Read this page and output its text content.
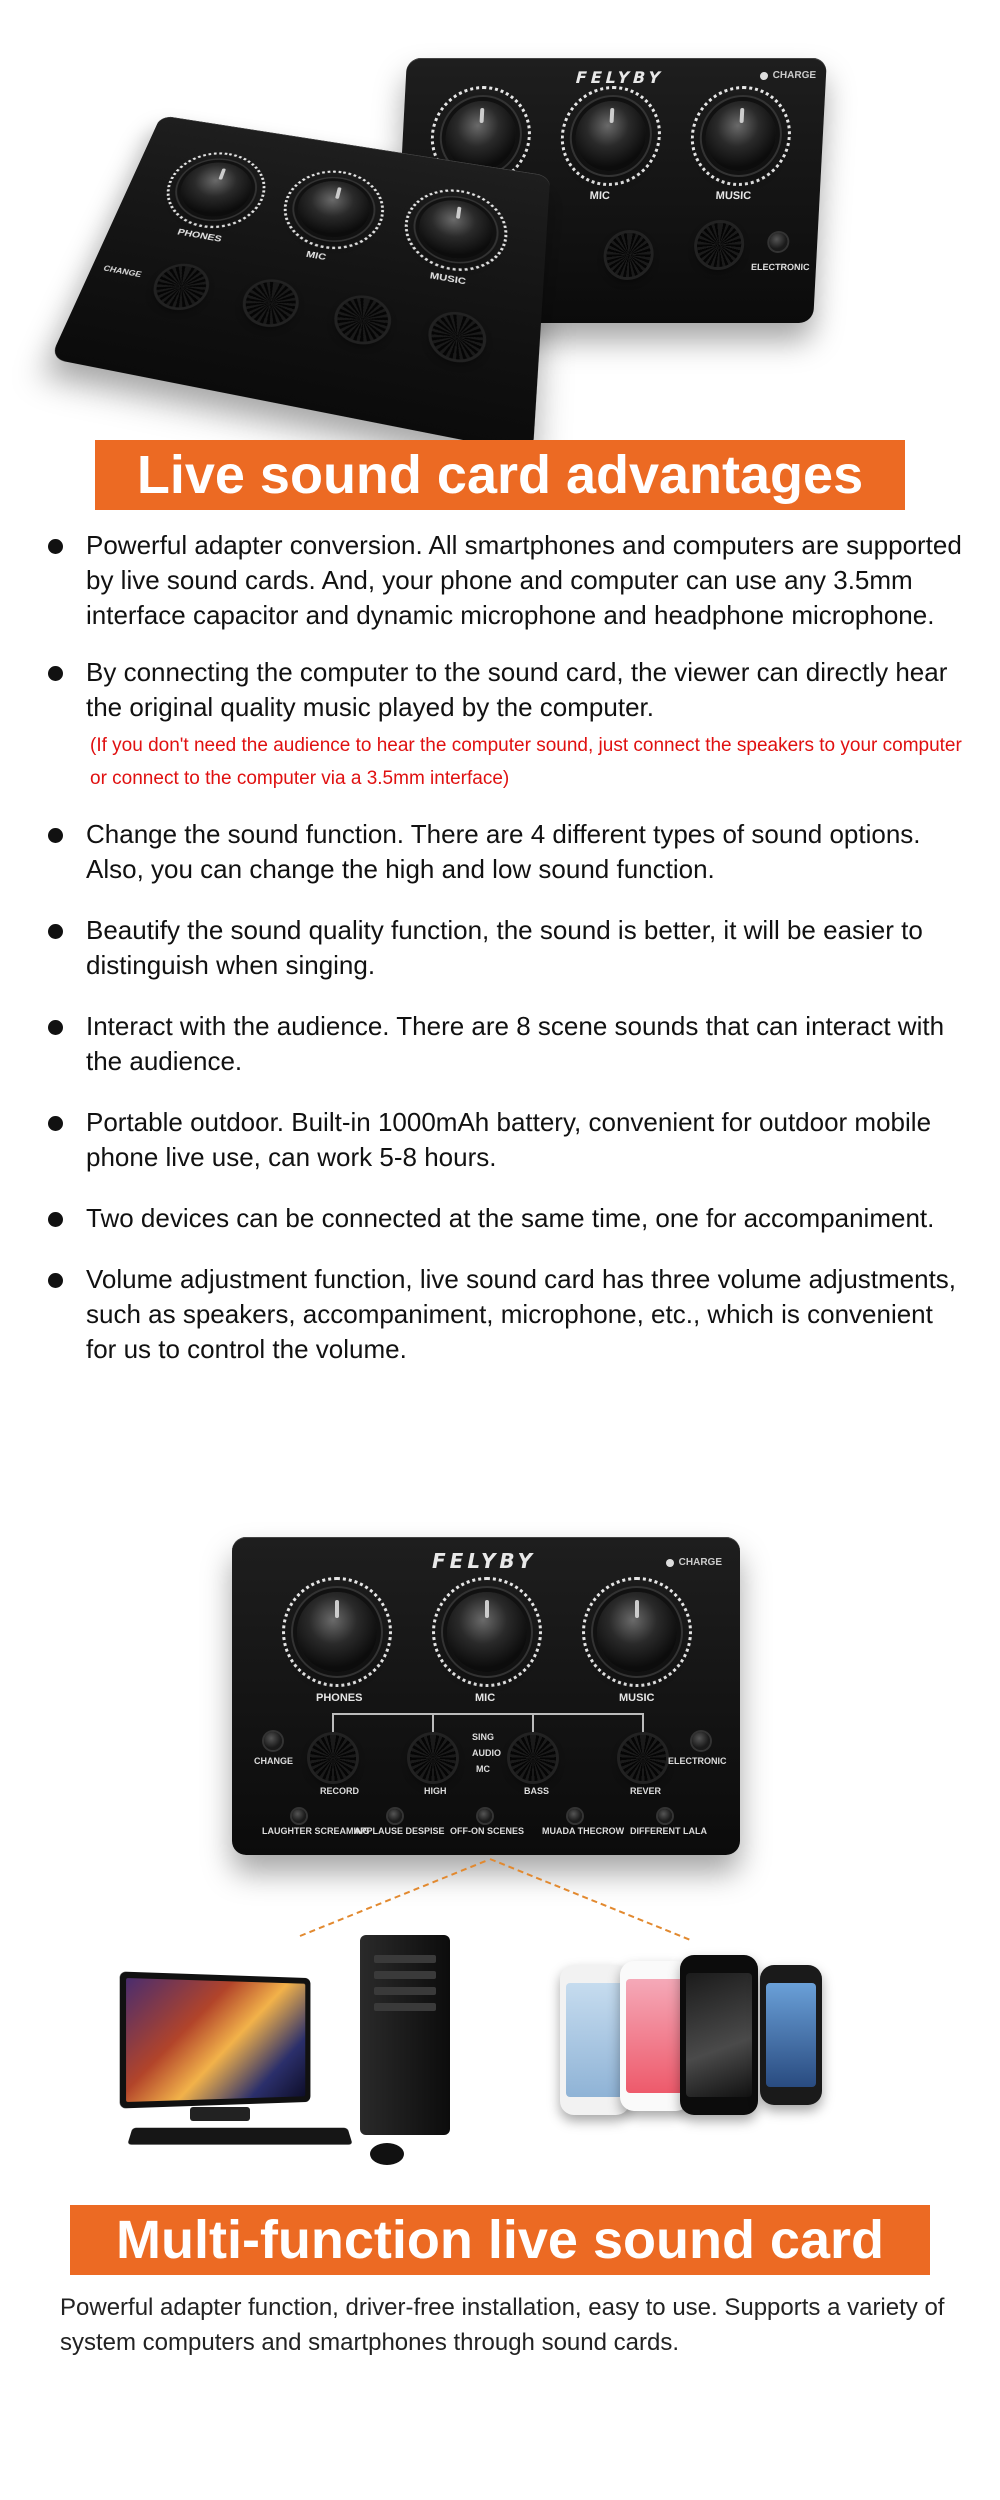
FELYBY	CHARGE
MIC	MUSIC
ELECTRONIC
PHONES
MIC
MUSIC
CHANGE
Live sound card advantages
Powerful adapter conversion. All smartphones and computers are supported by live sound cards. And, your phone and computer can use any 3.5mm interface capacitor and dynamic microphone and headphone microphone.
By connecting the computer to the sound card, the viewer can directly hear the original quality music played by the computer.
(If you don't need the audience to hear the computer sound, just connect the speakers to your computer or connect to the computer via a 3.5mm interface)
Change the sound function. There are 4 different types of sound options. Also, you can change the high and low sound function.
Beautify the sound quality function, the sound is better, it will be easier to distinguish when singing.
Interact with the audience. There are 8 scene sounds that can interact with the audience.
Portable outdoor. Built-in 1000mAh battery, convenient for outdoor mobile phone live use, can work 5-8 hours.
Two devices can be connected at the same time, one for accompaniment.
Volume adjustment function, live sound card has three volume adjustments, such as speakers, accompaniment, microphone, etc., which is convenient for us to control the volume.
FELYBY	CHARGE
PHONES	MIC	MUSIC
RECORD	HIGH	BASS	REVER
SING
AUDIO
MC
CHANGE	ELECTRONIC
LAUGHTER SCREAMING
APPLAUSE DESPISE OFF-ON SCENES MUADA THECROW DIFFERENT LALA
Multi-function live sound card

Powerful adapter function, driver-free installation, easy to use. Supports a variety of system computers and smartphones through sound cards.
